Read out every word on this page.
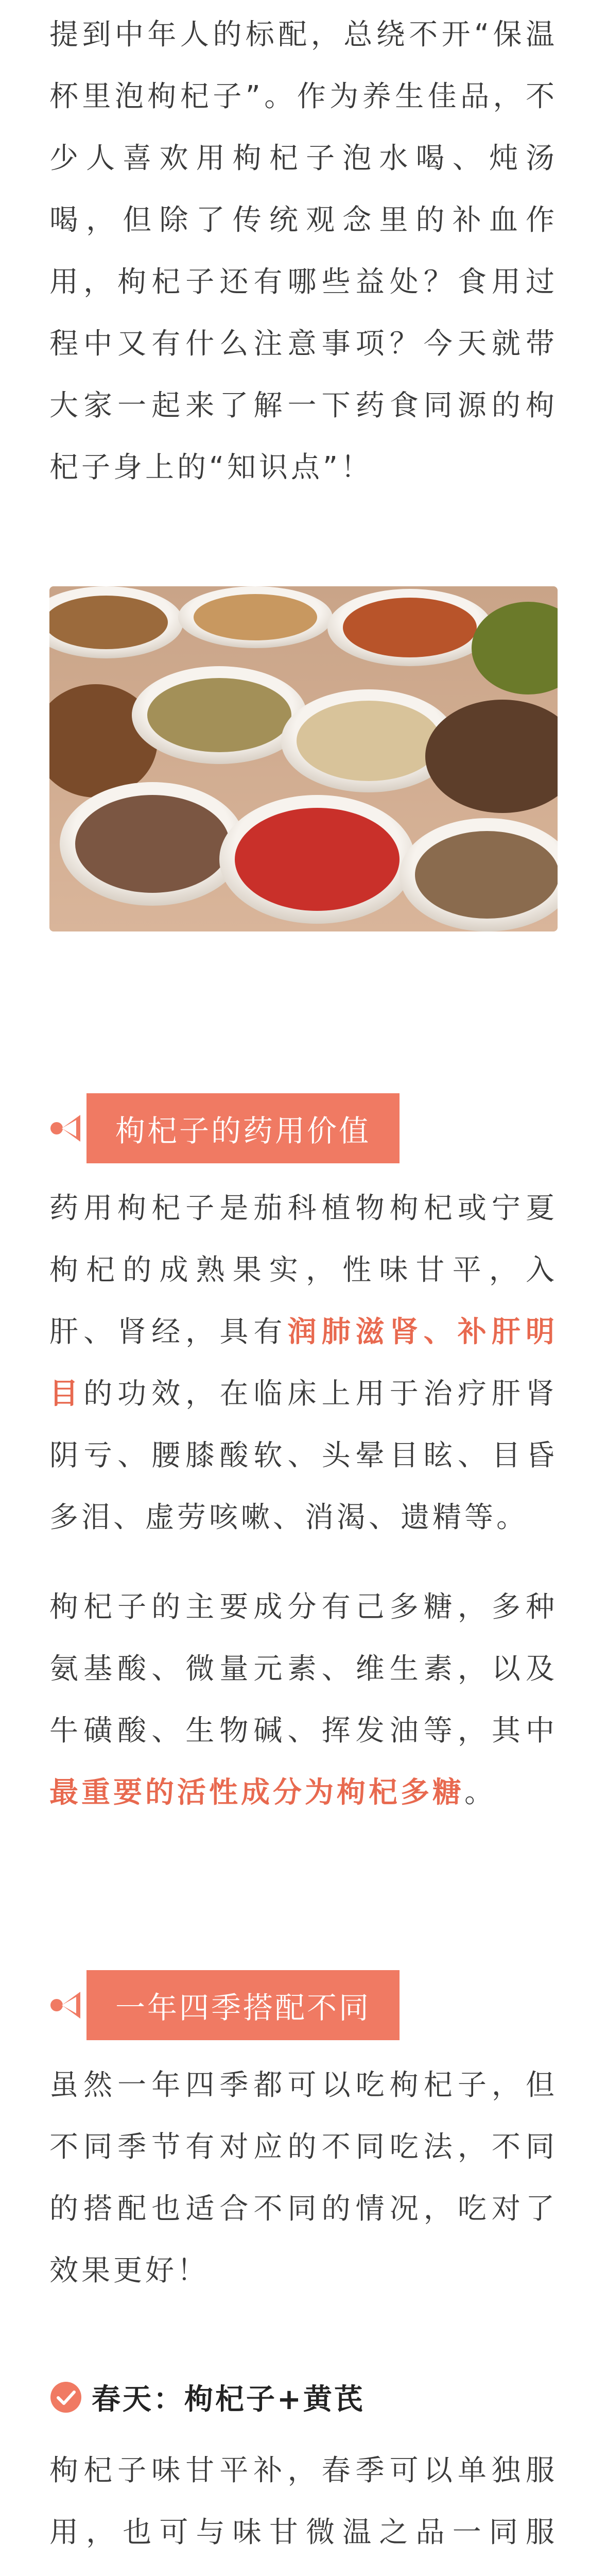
提到中年人的标配，总绕不开“保温杯里泡枸杞子”。作为养生佳品，不少人喜欢用枸杞子泡水喝、炖汤喝，但除了传统观念里的补血作用，枸杞子还有哪些益处？食用过程中又有什么注意事项？今天就带大家一起来了解一下药食同源的枸杞子身上的“知识点”！

枸杞子的药用价值

药用枸杞子是茄科植物枸杞或宁夏枸杞的成熟果实，性味甘平，入肝、肾经，具有润肺滋肾、补肝明目的功效，在临床上用于治疗肝肾阴亏、腰膝酸软、头晕目眩、目昏多泪、虚劳咳嗽、消渴、遗精等。

枸杞子的主要成分有己多糖，多种氨基酸、微量元素、维生素，以及牛磺酸、生物碱、挥发油等，其中最重要的活性成分为枸杞多糖。

一年四季搭配不同

虽然一年四季都可以吃枸杞子，但不同季节有对应的不同吃法，不同的搭配也适合不同的情况，吃对了效果更好！

春天：枸杞子+黄芪

枸杞子味甘平补，春季可以单独服用，也可与味甘微温之品一同服
